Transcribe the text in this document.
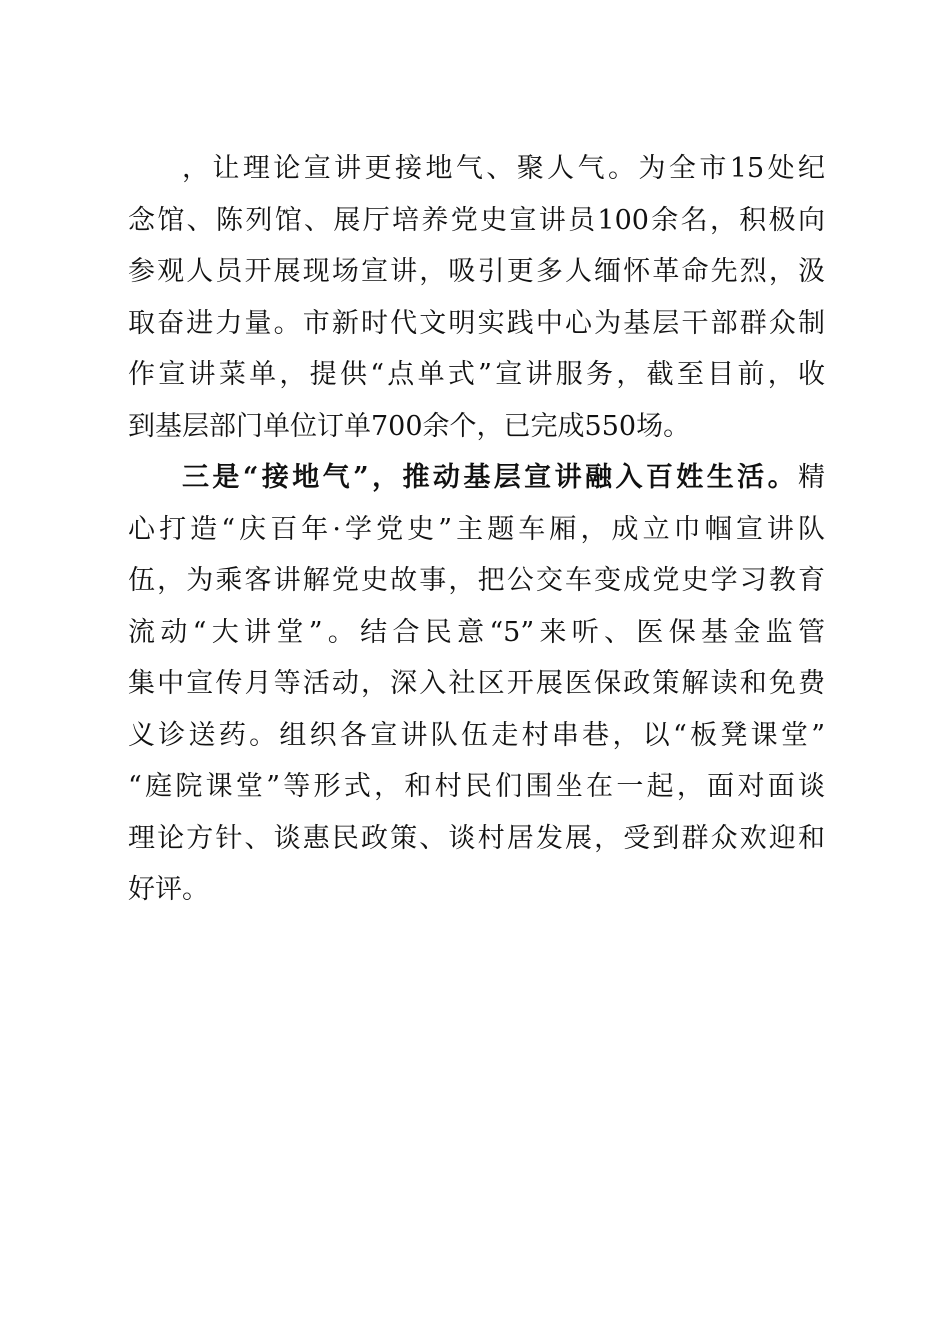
，让理论宣讲更接地气、聚人气。为全市15处纪
念馆、陈列馆、展厅培养党史宣讲员100余名，积极向
参观人员开展现场宣讲，吸引更多人缅怀革命先烈，汲
取奋进力量。市新时代文明实践中心为基层干部群众制
作宣讲菜单，提供“点单式”宣讲服务，截至目前，收
到基层部门单位订单700余个，已完成550场。
三是“接地气”，推动基层宣讲融入百姓生活。精
心打造“庆百年·学党史”主题车厢，成立巾帼宣讲队
伍，为乘客讲解党史故事，把公交车变成党史学习教育
流动“大讲堂”。结合民意“5”来听、医保基金监管
集中宣传月等活动，深入社区开展医保政策解读和免费
义诊送药。组织各宣讲队伍走村串巷，以“板凳课堂”
“庭院课堂”等形式，和村民们围坐在一起，面对面谈
理论方针、谈惠民政策、谈村居发展，受到群众欢迎和
好评。
